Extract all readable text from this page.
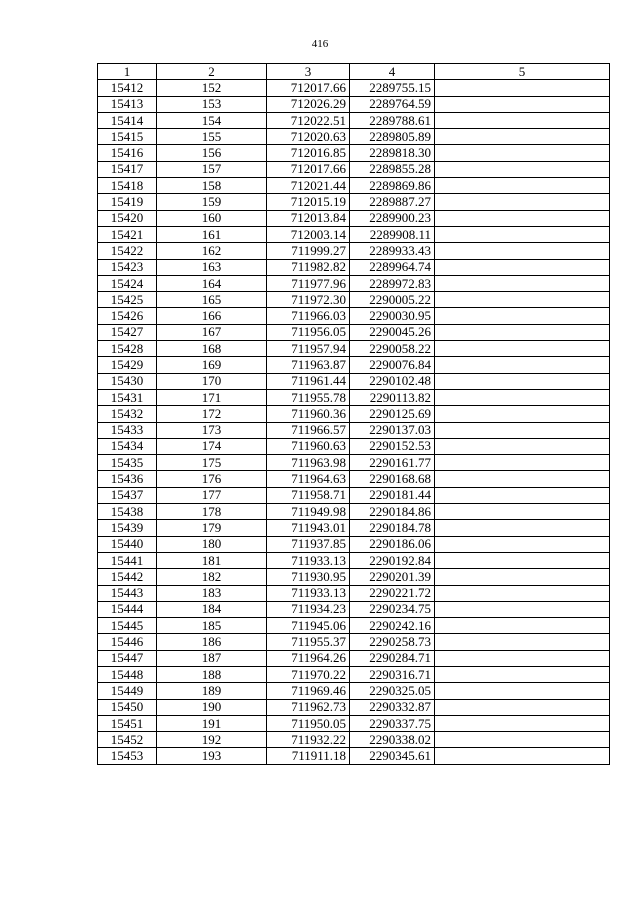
416
1	2	3	4	5
15412	152	712017.66	2289755.15	
15413	153	712026.29	2289764.59	
15414	154	712022.51	2289788.61	
15415	155	712020.63	2289805.89	
15416	156	712016.85	2289818.30	
15417	157	712017.66	2289855.28	
15418	158	712021.44	2289869.86	
15419	159	712015.19	2289887.27	
15420	160	712013.84	2289900.23	
15421	161	712003.14	2289908.11	
15422	162	711999.27	2289933.43	
15423	163	711982.82	2289964.74	
15424	164	711977.96	2289972.83	
15425	165	711972.30	2290005.22	
15426	166	711966.03	2290030.95	
15427	167	711956.05	2290045.26	
15428	168	711957.94	2290058.22	
15429	169	711963.87	2290076.84	
15430	170	711961.44	2290102.48	
15431	171	711955.78	2290113.82	
15432	172	711960.36	2290125.69	
15433	173	711966.57	2290137.03	
15434	174	711960.63	2290152.53	
15435	175	711963.98	2290161.77	
15436	176	711964.63	2290168.68	
15437	177	711958.71	2290181.44	
15438	178	711949.98	2290184.86	
15439	179	711943.01	2290184.78	
15440	180	711937.85	2290186.06	
15441	181	711933.13	2290192.84	
15442	182	711930.95	2290201.39	
15443	183	711933.13	2290221.72	
15444	184	711934.23	2290234.75	
15445	185	711945.06	2290242.16	
15446	186	711955.37	2290258.73	
15447	187	711964.26	2290284.71	
15448	188	711970.22	2290316.71	
15449	189	711969.46	2290325.05	
15450	190	711962.73	2290332.87	
15451	191	711950.05	2290337.75	
15452	192	711932.22	2290338.02	
15453	193	711911.18	2290345.61	
